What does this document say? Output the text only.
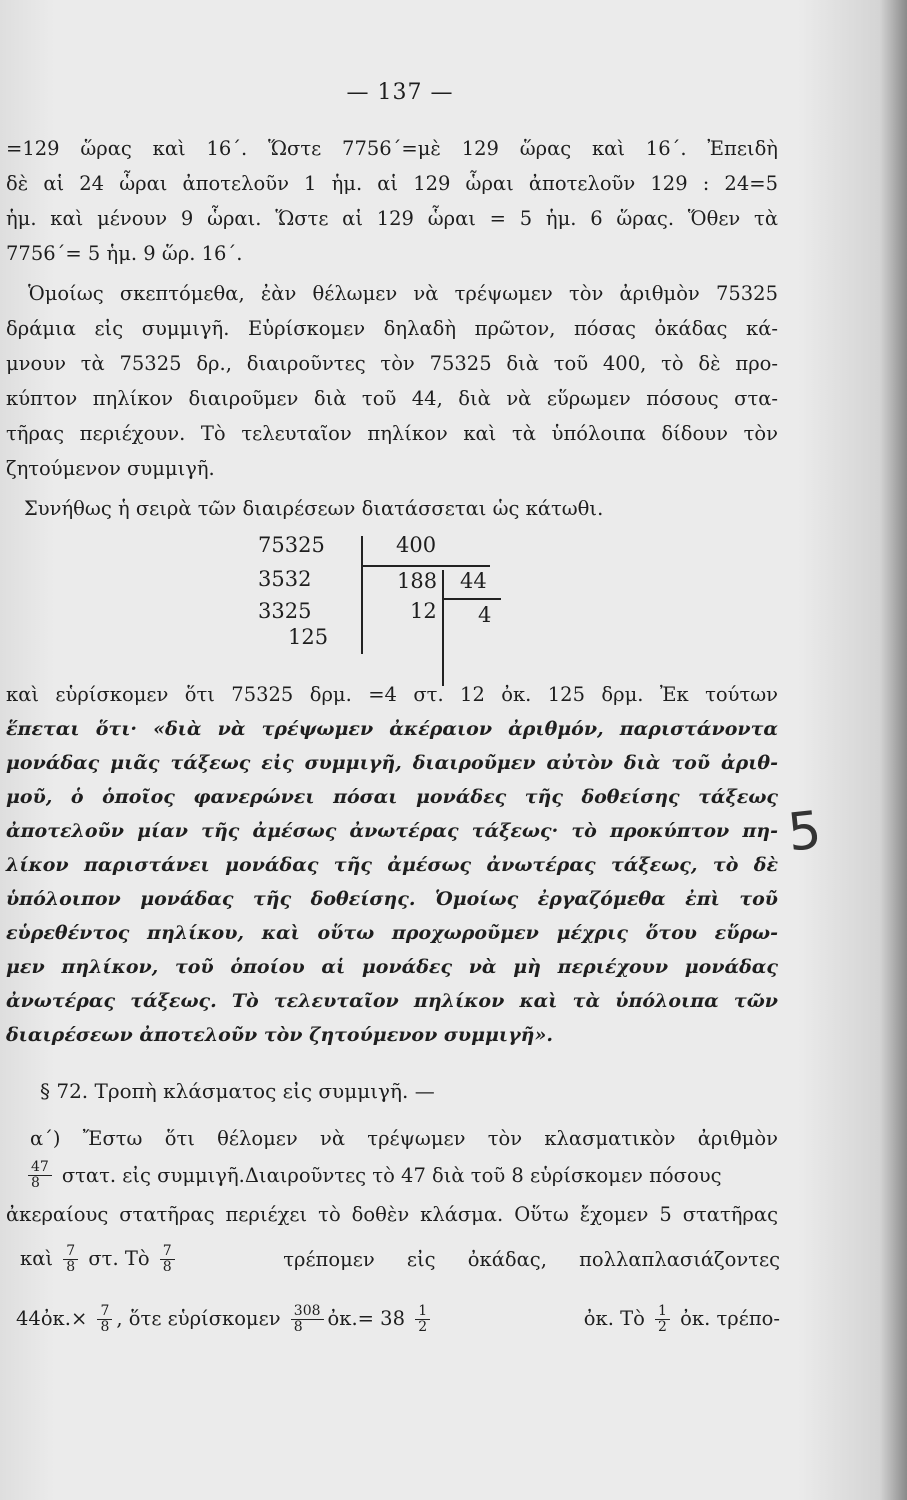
— 137 —
=129 ὥρας καὶ 16΄. Ὥστε 7756΄=μὲ 129 ὥρας καὶ 16΄. Ἐπειδὴ
δὲ αἱ 24 ὧραι ἀποτελοῦν 1 ἡμ. αἱ 129 ὧραι ἀποτελοῦν 129 : 24=5
ἡμ. καὶ μένουν 9 ὧραι. Ὥστε αἱ 129 ὧραι = 5 ἡμ. 6 ὥρας. Ὅθεν τὰ
7756΄= 5 ἡμ. 9 ὥρ. 16΄.
Ὁμοίως σκεπτόμεθα, ἐὰν θέλωμεν νὰ τρέψωμεν τὸν ἀριθμὸν 75325
δράμια εἰς συμμιγῆ. Εὑρίσκομεν δηλαδὴ πρῶτον, πόσας ὀκάδας κά-
μνουν τὰ 75325 δρ., διαιροῦντες τὸν 75325 διὰ τοῦ 400, τὸ δὲ προ-
κύπτον πηλίκον διαιροῦμεν διὰ τοῦ 44, διὰ νὰ εὕρωμεν πόσους στα-
τῆρας περιέχουν. Τὸ τελευταῖον πηλίκον καὶ τὰ ὑπόλοιπα δίδουν τὸν
ζητούμενον συμμιγῆ.
Συνήθως ἡ σειρὰ τῶν διαιρέσεων διατάσσεται ὡς κάτωθι.
75325
3532
3325
125
400
188 44
12 4
καὶ εὑρίσκομεν ὅτι 75325 δρμ. =4 στ. 12 ὀκ. 125 δρμ. Ἐκ τούτων
ἕπεται ὅτι· «διὰ νὰ τρέψωμεν ἀκέραιον ἀριθμόν, παριστάνοντα
μονάδας μιᾶς τάξεως εἰς συμμιγῆ, διαιροῦμεν αὐτὸν διὰ τοῦ ἀριθ-
μοῦ, ὁ ὁποῖος φανερώνει πόσαι μονάδες τῆς δοθείσης τάξεως
ἀποτελοῦν μίαν τῆς ἀμέσως ἀνωτέρας τάξεως· τὸ προκύπτον πη-
λίκον παριστάνει μονάδας τῆς ἀμέσως ἀνωτέρας τάξεως, τὸ δὲ
ὑπόλοιπον μονάδας τῆς δοθείσης. Ὁμοίως ἐργαζόμεθα ἐπὶ τοῦ
εὑρεθέντος πηλίκου, καὶ οὕτω προχωροῦμεν μέχρις ὅτου εὕρω-
μεν πηλίκον, τοῦ ὁποίου αἱ μονάδες νὰ μὴ περιέχουν μονάδας
ἀνωτέρας τάξεως. Τὸ τελευταῖον πηλίκον καὶ τὰ ὑπόλοιπα τῶν
διαιρέσεων ἀποτελοῦν τὸν ζητούμενον συμμιγῆ».
5
§ 72. Τροπὴ κλάσματος εἰς συμμιγῆ. —
α΄) Ἔστω ὅτι θέλομεν νὰ τρέψωμεν τὸν κλασματικὸν ἀριθμὸν
$\frac{47}{8} \sigma\tau\alpha\tau$. εἰς συμμιγῆ.Διαιροῦντες τὸ 47 διὰ τοῦ 8 εὑρίσκομεν πόσους
ἀκεραίους στατῆρας περιέχει τὸ δοθὲν κλάσμα. Οὕτω ἔχομεν 5 στατῆρας
καὶ $\frac{7}{8} \sigma\tau$. Τὸ $\frac{7}{8}$	τρέπομεν εἰς ὀκάδας, πολλαπλασιάζοντες
44ὀκ.× $\frac{7}{8}$ , ὅτε εὑρίσκομεν $\frac{308}{8}$ ὀκ.= $38 \frac{1}{2}$	ὀκ. Τὸ $\frac{1}{2}$ ὀκ. τρέπο-
